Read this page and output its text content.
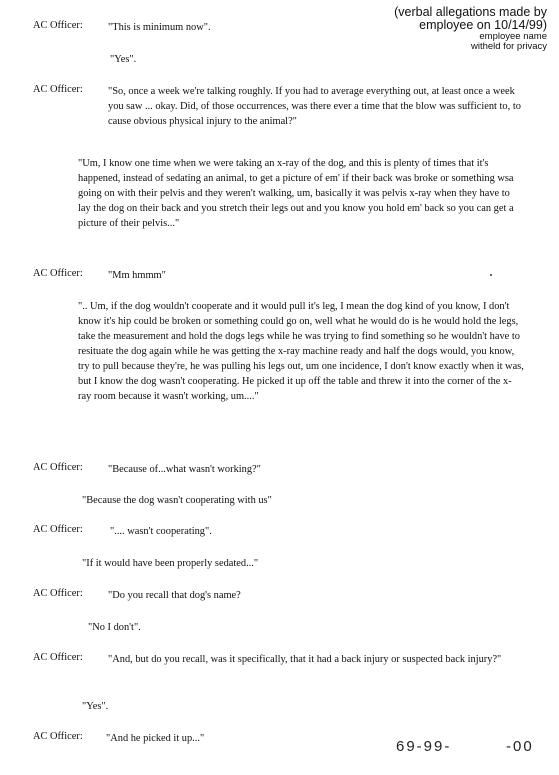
(verbal allegations made by
employee on 10/14/99)
employee name
witheld for privacy
AC Officer: "This is minimum now".
"Yes".
AC Officer: "So, once a week we're talking roughly. If you had to average everything out, at least once a week you saw ... okay. Did, of those occurrences, was there ever a time that the blow was sufficient to, to cause obvious physical injury to the animal?"
"Um, I know one time when we were taking an x-ray of the dog, and this is plenty of times that it's happened, instead of sedating an animal, to get a picture of em' if their back was broke or something wsa going on with their pelvis and they weren't walking, um, basically it was pelvis x-ray when they have to lay the dog on their back and you stretch their legs out and you know you hold em' back so you can get a picture of their pelvis..."
AC Officer: "Mm hmmm"
".. Um, if the dog wouldn't cooperate and it would pull it's leg, I mean the dog kind of you know, I don't know it's hip could be broken or something could go on, well what he would do is he would hold the legs, take the measurement and hold the dogs legs while he was trying to find something so he wouldn't have to resituate the dog again while he was getting the x-ray machine ready and half the dogs would, you know, try to pull because they're, he was pulling his legs out, um one incidence, I don't know exactly when it was, but I know the dog wasn't cooperating. He picked it up off the table and threw it into the corner of the x-ray room because it wasn't working, um...."
AC Officer: "Because of...what wasn't working?"
"Because the dog wasn't cooperating with us"
AC Officer:	".... wasn't cooperating".
"If it would have been properly sedated..."
AC Officer: "Do you recall that dog's name?
"No I don't".
AC Officer: "And, but do you recall, was it specifically, that it had a back injury or suspected back injury?"
"Yes".
AC Officer: "And he picked it up..."	69-99-	-00
